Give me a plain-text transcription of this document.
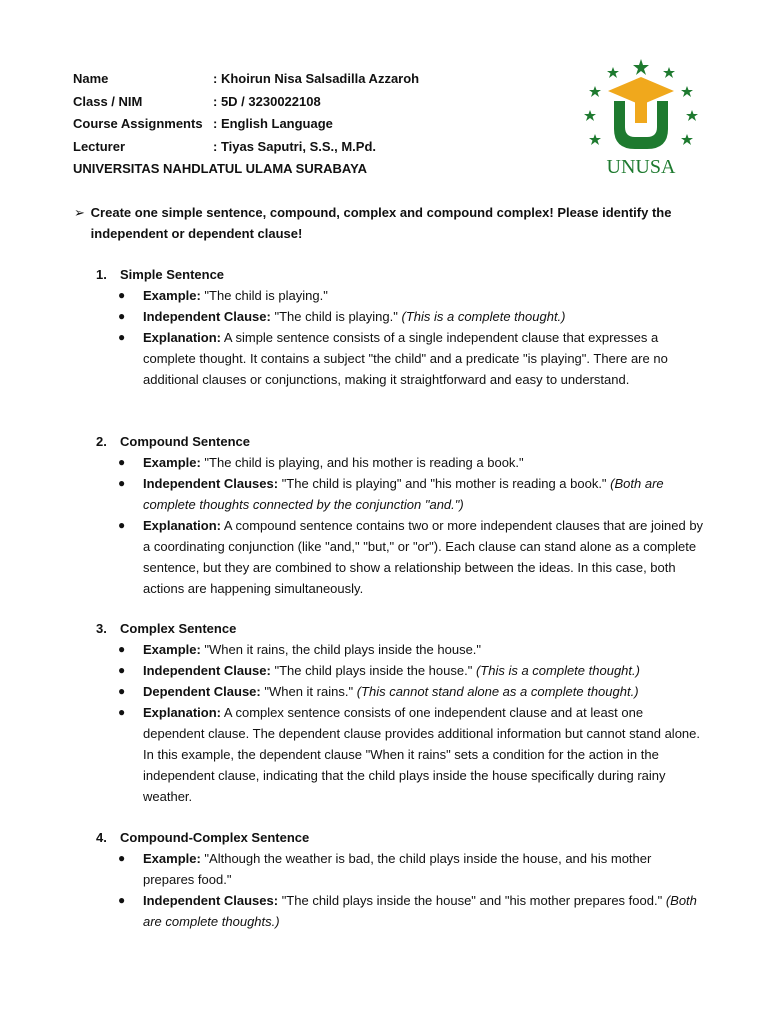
Name	: Khoirun Nisa Salsadilla Azzaroh
Class / NIM	: 5D / 3230022108
Course Assignments : English Language
Lecturer	: Tiyas Saputri, S.S., M.Pd.
UNIVERSITAS NAHDLATUL ULAMA SURABAYA	UNUSA
➢ Create one simple sentence, compound, complex and compound complex! Please identify the independent or dependent clause!
1.	Simple Sentence
● Example: "The child is playing."
● Independent Clause: "The child is playing." (This is a complete thought.)
● Explanation: A simple sentence consists of a single independent clause that expresses a complete thought. It contains a subject "the child" and a predicate "is playing". There are no additional clauses or conjunctions, making it straightforward and easy to understand.
2.	Compound Sentence
● Example: "The child is playing, and his mother is reading a book."
● Independent Clauses: "The child is playing" and "his mother is reading a book." (Both are complete thoughts connected by the conjunction "and.")
● Explanation: A compound sentence contains two or more independent clauses that are joined by a coordinating conjunction (like "and," "but," or "or"). Each clause can stand alone as a complete sentence, but they are combined to show a relationship between the ideas. In this case, both actions are happening simultaneously.
3.	Complex Sentence
● Example: "When it rains, the child plays inside the house."
● Independent Clause: "The child plays inside the house." (This is a complete thought.)
● Dependent Clause: "When it rains." (This cannot stand alone as a complete thought.)
● Explanation: A complex sentence consists of one independent clause and at least one dependent clause. The dependent clause provides additional information but cannot stand alone. In this example, the dependent clause "When it rains" sets a condition for the action in the independent clause, indicating that the child plays inside the house specifically during rainy weather.
4.	Compound-Complex Sentence
● Example: "Although the weather is bad, the child plays inside the house, and his mother prepares food."
● Independent Clauses: "The child plays inside the house" and "his mother prepares food." (Both are complete thoughts.)
